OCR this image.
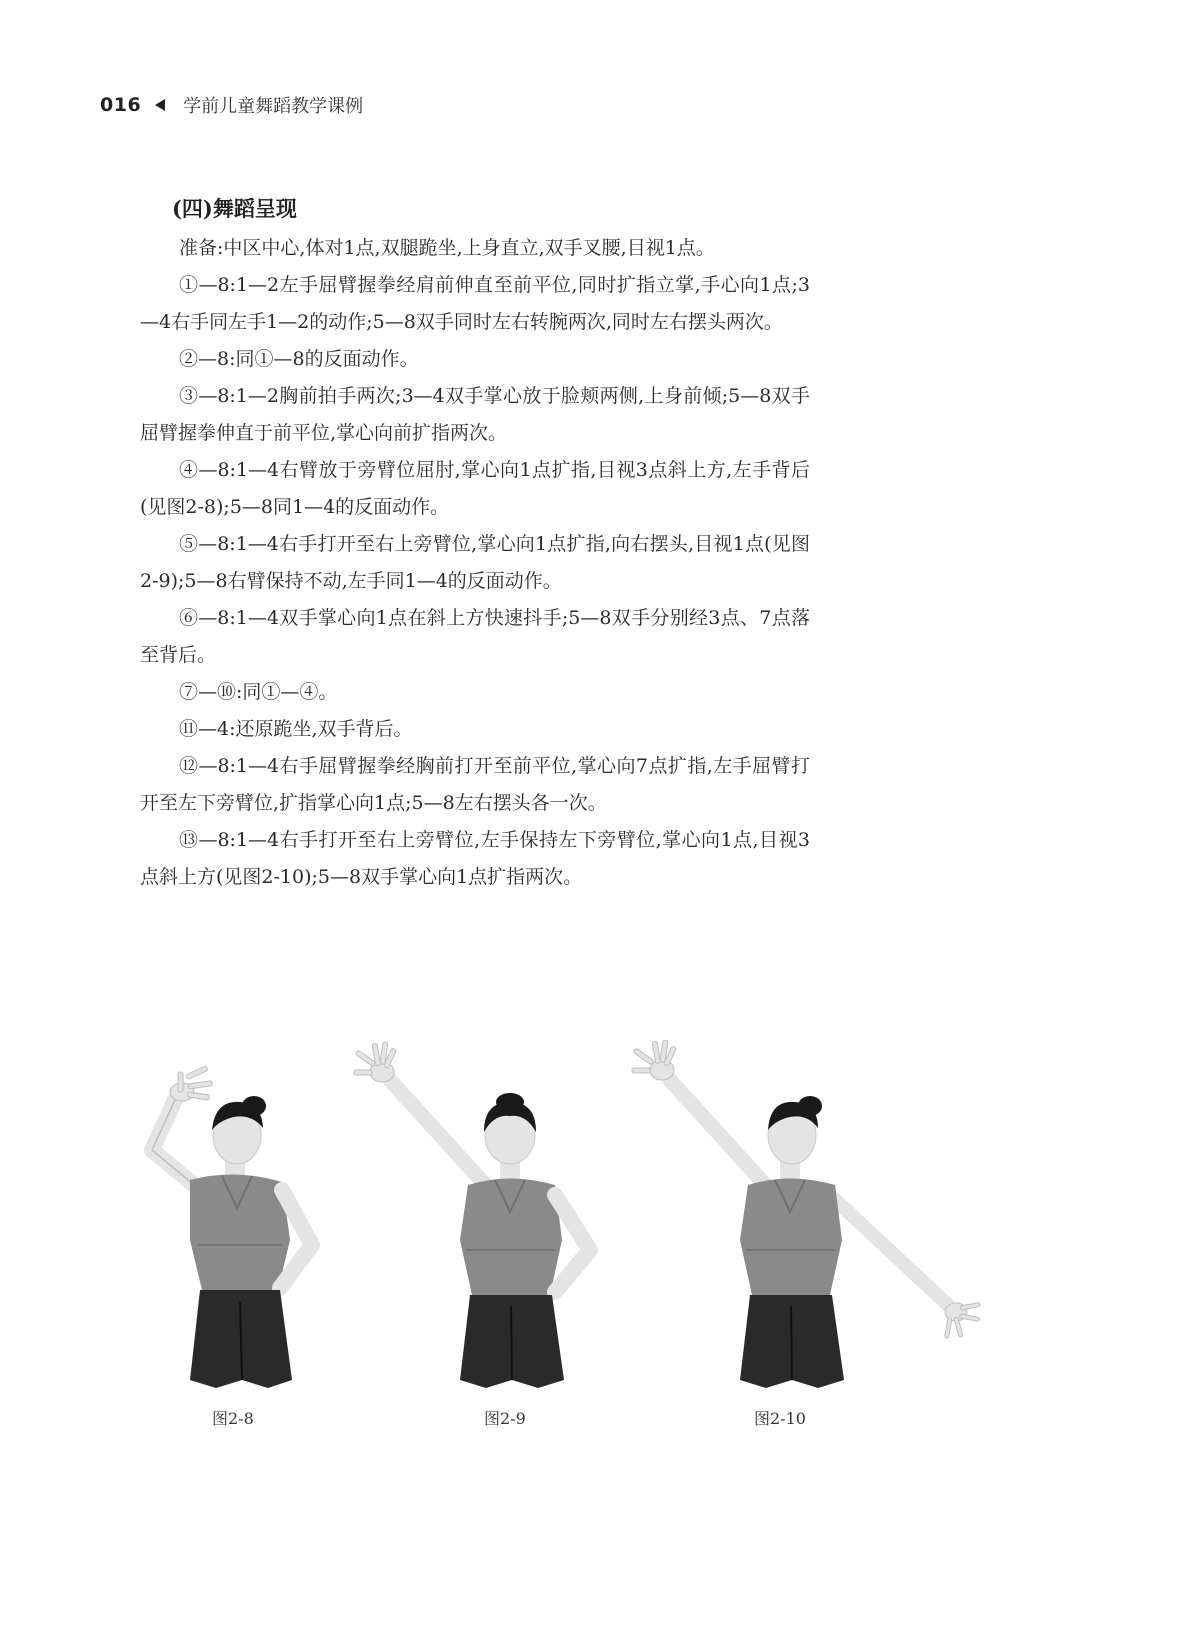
016 学前儿童舞蹈教学课例
(四)舞蹈呈现

准备:中区中心,体对1点,双腿跪坐,上身直立,双手叉腰,目视1点。

①—8:1—2左手屈臂握拳经肩前伸直至前平位,同时扩指立掌,手心向1点;3—4右手同左手1—2的动作;5—8双手同时左右转腕两次,同时左右摆头两次。

②—8:同①—8的反面动作。

③—8:1—2胸前拍手两次;3—4双手掌心放于脸颊两侧,上身前倾;5—8双手屈臂握拳伸直于前平位,掌心向前扩指两次。

④—8:1—4右臂放于旁臂位屈肘,掌心向1点扩指,目视3点斜上方,左手背后(见图2-8);5—8同1—4的反面动作。

⑤—8:1—4右手打开至右上旁臂位,掌心向1点扩指,向右摆头,目视1点(见图2-9);5—8右臂保持不动,左手同1—4的反面动作。

⑥—8:1—4双手掌心向1点在斜上方快速抖手;5—8双手分别经3点、7点落至背后。

⑦—⑩:同①—④。

⑪—4:还原跪坐,双手背后。

⑫—8:1—4右手屈臂握拳经胸前打开至前平位,掌心向7点扩指,左手屈臂打开至左下旁臂位,扩指掌心向1点;5—8左右摆头各一次。

⑬—8:1—4右手打开至右上旁臂位,左手保持左下旁臂位,掌心向1点,目视3点斜上方(见图2-10);5—8双手掌心向1点扩指两次。

图2-8	图2-9	图2-10
